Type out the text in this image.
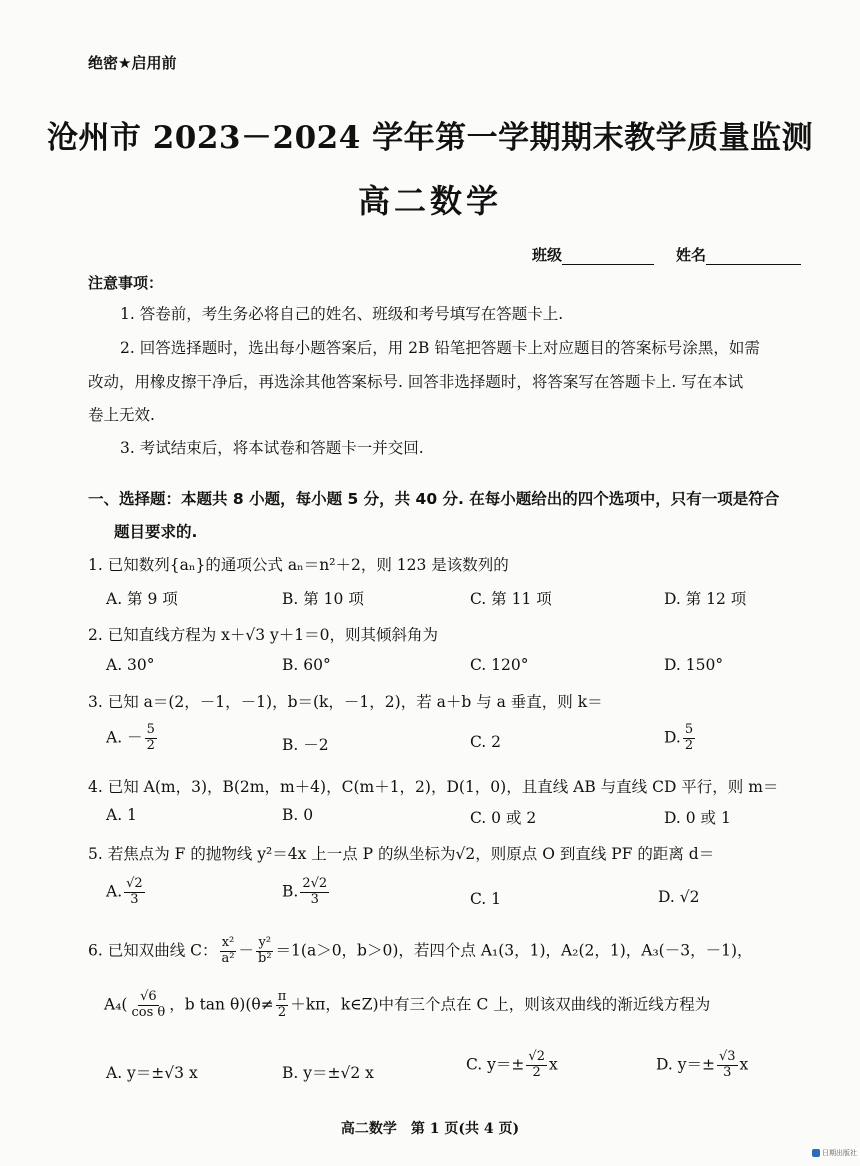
绝密★启用前
沧州市 2023－2024 学年第一学期期末教学质量监测
高二数学
班级	姓名
注意事项：
1. 答卷前，考生务必将自己的姓名、班级和考号填写在答题卡上.
2. 回答选择题时，选出每小题答案后，用 2B 铅笔把答题卡上对应题目的答案标号涂黑，如需
改动，用橡皮擦干净后，再选涂其他答案标号. 回答非选择题时，将答案写在答题卡上. 写在本试
卷上无效.
3. 考试结束后，将本试卷和答题卡一并交回.
一、选择题：本题共 8 小题，每小题 5 分，共 40 分. 在每小题给出的四个选项中，只有一项是符合
题目要求的.
1. 已知数列{aₙ}的通项公式 aₙ＝n²＋2，则 123 是该数列的
A. 第 9 项	B. 第 10 项	C. 第 11 项	D. 第 12 项
2. 已知直线方程为 x＋√3 y＋1＝0，则其倾斜角为
A. 30°	B. 60°	C. 120°	D. 150°
3. 已知 a＝(2，－1，－1)，b＝(k，－1，2)，若 a＋b 与 a 垂直，则 k＝
A. － $\frac{5}{2}$	B. －2	C. 2	D. $\frac{5}{2}$
4. 已知 A(m，3)，B(2m，m＋4)，C(m＋1，2)，D(1，0)，且直线 AB 与直线 CD 平行，则 m＝
A. 1	B. 0	C. 0 或 2	D. 0 或 1
5. 若焦点为 F 的抛物线 y²＝4x 上一点 P 的纵坐标为√2，则原点 O 到直线 PF 的距离 d＝
A. $\frac{√2}{3}$	B. $\frac{2√2}{3}$	C. 1	D. √2
6. 已知双曲线 C： $\frac{\text{x²}}{\text{a²}} - \frac{\text{y²}}{\text{b²}} =1(a>0$，b＞0)，若四个点 A₁(3，1)，A₂(2，1)，A₃(－3，－1)，
$A_4( \frac{√6}{\text{cos θ}}$ ，b $\tan \theta)(\theta\ne \frac{\pi}{2} +k\pi$，k∈Z)中有三个点在 C 上，则该双曲线的渐近线方程为
A. y＝±√3 x	B. y＝±√2 x	C. $y=\pm \frac{√2}{2}$ x	D. $y=\pm \frac{√3}{3}$ x
高二数学　第 1 页(共 4 页)
日期出版社
